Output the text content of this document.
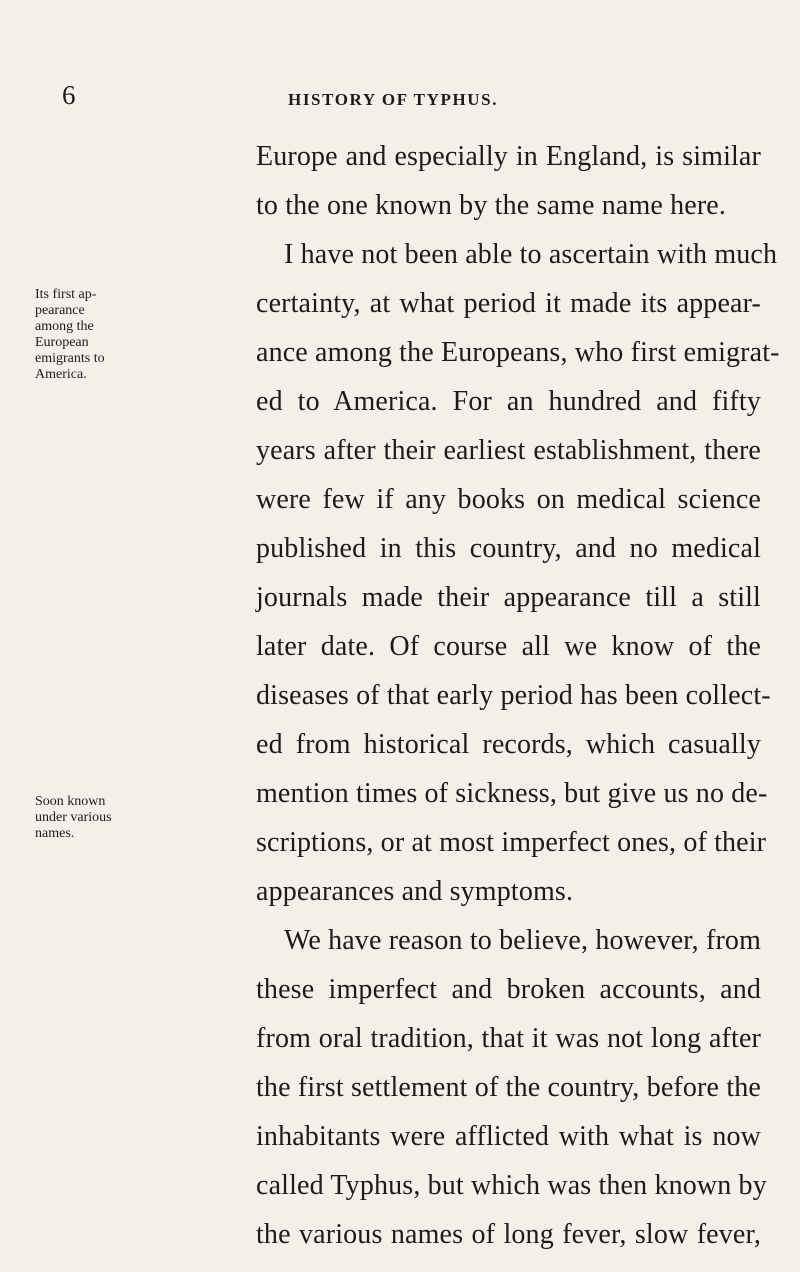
6	HISTORY OF TYPHUS.
Its first ap-
pearance
among the
European
emigrants to
America.
Soon known
under various
names.
Europe and especially in England, is similar
to the one known by the same name here.
I have not been able to ascertain with much
certainty, at what period it made its appear-
ance among the Europeans, who first emigrat-
ed to America. For an hundred and fifty
years after their earliest establishment, there
were few if any books on medical science
published in this country, and no medical
journals made their appearance till a still
later date. Of course all we know of the
diseases of that early period has been collect-
ed from historical records, which casually
mention times of sickness, but give us no de-
scriptions, or at most imperfect ones, of their
appearances and symptoms.
We have reason to believe, however, from
these imperfect and broken accounts, and
from oral tradition, that it was not long after
the first settlement of the country, before the
inhabitants were afflicted with what is now
called Typhus, but which was then known by
the various names of long fever, slow fever,
